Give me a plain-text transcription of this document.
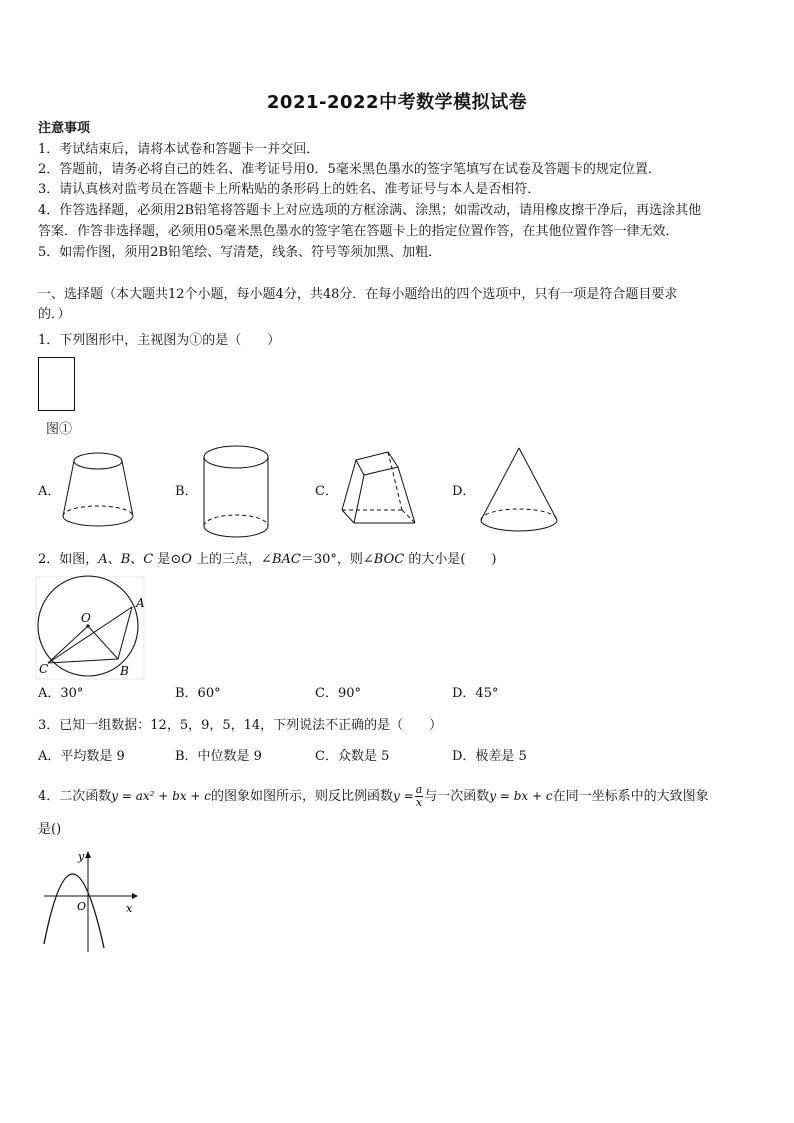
2021-2022中考数学模拟试卷
注意事项
1．考试结束后，请将本试卷和答题卡一并交回．
2．答题前，请务必将自己的姓名、准考证号用0．5毫米黑色墨水的签字笔填写在试卷及答题卡的规定位置．
3．请认真核对监考员在答题卡上所粘贴的条形码上的姓名、准考证号与本人是否相符．
4．作答选择题，必须用2B铅笔将答题卡上对应选项的方框涂满、涂黑；如需改动，请用橡皮擦干净后，再选涂其他
答案．作答非选择题，必须用05毫米黑色墨水的签字笔在答题卡上的指定位置作答，在其他位置作答一律无效．
5．如需作图，须用2B铅笔绘、写清楚，线条、符号等须加黑、加粗．
一、选择题（本大题共12个小题，每小题4分，共48分．在每小题给出的四个选项中，只有一项是符合题目要求
的．）
1．下列图形中，主视图为①的是（　　）
图①
A．	B．	C．	D．
2．如图，A、B、C 是⊙O 上的三点，∠BAC＝30°，则∠BOC 的大小是(　　)
O
A
B
C
A．30°	B．60°	C．90°	D．45°
3．已知一组数据：12，5，9，5，14，下列说法不正确的是（　　）
A．平均数是 9	B．中位数是 9	C．众数是 5	D．极差是 5
4．二次函数y = ax² + bx + c的图象如图所示，则反比例函数$y = \frac{a}{x}$ 与一次函数y = bx + c在同一坐标系中的大致图象
是()
y
x
O
